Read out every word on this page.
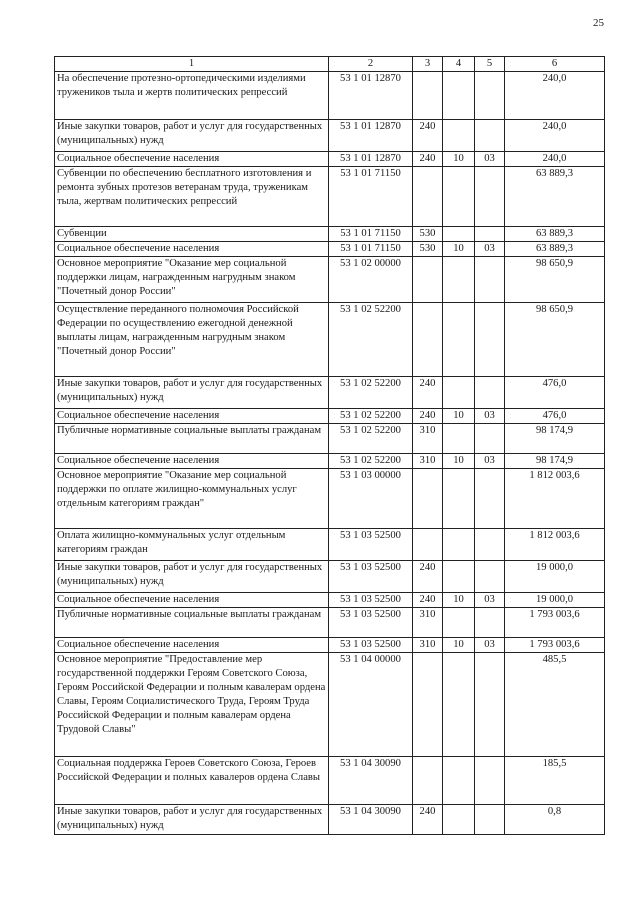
25
1	2	3	4	5	6
На обеспечение протезно-ортопедическими изделиями тружеников тыла и жертв политических репрессий	53 1 01 12870				240,0
Иные закупки товаров, работ и услуг для государственных (муниципальных) нужд	53 1 01 12870	240			240,0
Социальное обеспечение населения	53 1 01 12870	240	10	03	240,0
Субвенции по обеспечению бесплатного изготовления и ремонта зубных протезов ветеранам труда, труженикам тыла, жертвам политических репрессий	53 1 01 71150				63 889,3
Субвенции	53 1 01 71150	530			63 889,3
Социальное обеспечение населения	53 1 01 71150	530	10	03	63 889,3
Основное мероприятие "Оказание мер социальной поддержки лицам, награжденным нагрудным знаком "Почетный донор России"	53 1 02 00000				98 650,9
Осуществление переданного полномочия Российской Федерации по осуществлению ежегодной денежной выплаты лицам, награжденным нагрудным знаком "Почетный донор России"	53 1 02 52200				98 650,9
Иные закупки товаров, работ и услуг для государственных (муниципальных) нужд	53 1 02 52200	240			476,0
Социальное обеспечение населения	53 1 02 52200	240	10	03	476,0
Публичные нормативные социальные выплаты гражданам	53 1 02 52200	310			98 174,9
Социальное обеспечение населения	53 1 02 52200	310	10	03	98 174,9
Основное мероприятие "Оказание мер социальной поддержки по оплате жилищно-коммунальных услуг отдельным категориям граждан"	53 1 03 00000				1 812 003,6
Оплата жилищно-коммунальных услуг отдельным категориям граждан	53 1 03 52500				1 812 003,6
Иные закупки товаров, работ и услуг для государственных (муниципальных) нужд	53 1 03 52500	240			19 000,0
Социальное обеспечение населения	53 1 03 52500	240	10	03	19 000,0
Публичные нормативные социальные выплаты гражданам	53 1 03 52500	310			1 793 003,6
Социальное обеспечение населения	53 1 03 52500	310	10	03	1 793 003,6
Основное мероприятие "Предоставление мер государственной поддержки Героям Советского Союза, Героям Российской Федерации и полным кавалерам ордена Славы, Героям Социалистического Труда, Героям Труда Российской Федерации и полным кавалерам ордена Трудовой Славы"	53 1 04 00000				485,5
Социальная поддержка Героев Советского Союза, Героев Российской Федерации и полных кавалеров ордена Славы	53 1 04 30090				185,5
Иные закупки товаров, работ и услуг для государственных (муниципальных) нужд	53 1 04 30090	240			0,8
